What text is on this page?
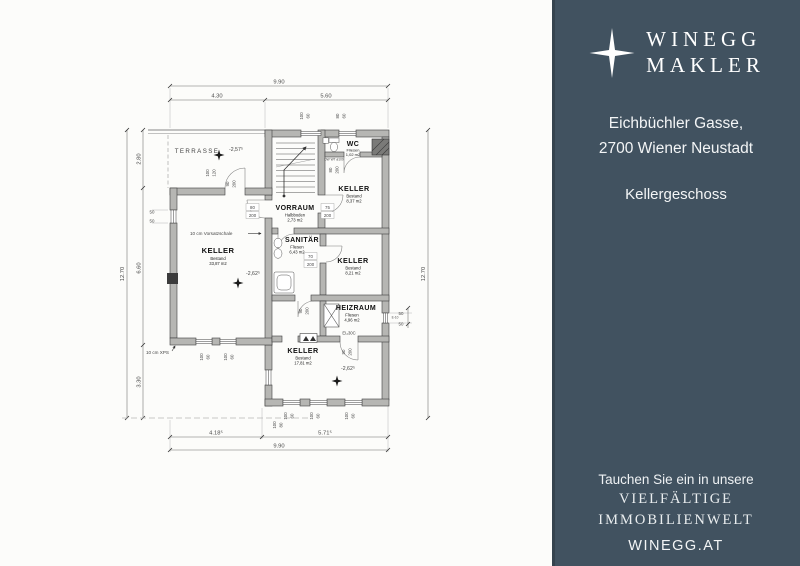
9.90
4.30	5.60
4.18⁵	5.71⁵
9.90
12.70
2.80
6.60
3.30
12.70
50
50
50
50
E-10
100 60	80 60
100 120
90 200
80 200
100 60	100 60
100 60	100 60	100 60
100 80
90 200
90 200
80
200
75
200
70
200
TERRASSE -2,57⁵
VORRAUM
Halbboden
2,73 m2
WC
Fliesen
1,02 m2
KELLER
Bestand
8,37 m2
SANITÄR
Fliesen
6,43 m2
KELLER
Bestand
8,21 m2
HEIZRAUM
Fliesen
4,96 m2
KELLER
Bestand
33,87 m2
-2,62⁵
KELLER
Bestand
17,81 m2
-2,62⁵
10 cm Vorsatzschale
10 cm XPS
EI₂30C
DW WT ø100
WINEGG
MAKLER
Eichbüchler Gasse,
2700 Wiener Neustadt
Kellergeschoss
Tauchen Sie ein in unsere
VIELFÄLTIGE
IMMOBILIENWELT
WINEGG.AT
